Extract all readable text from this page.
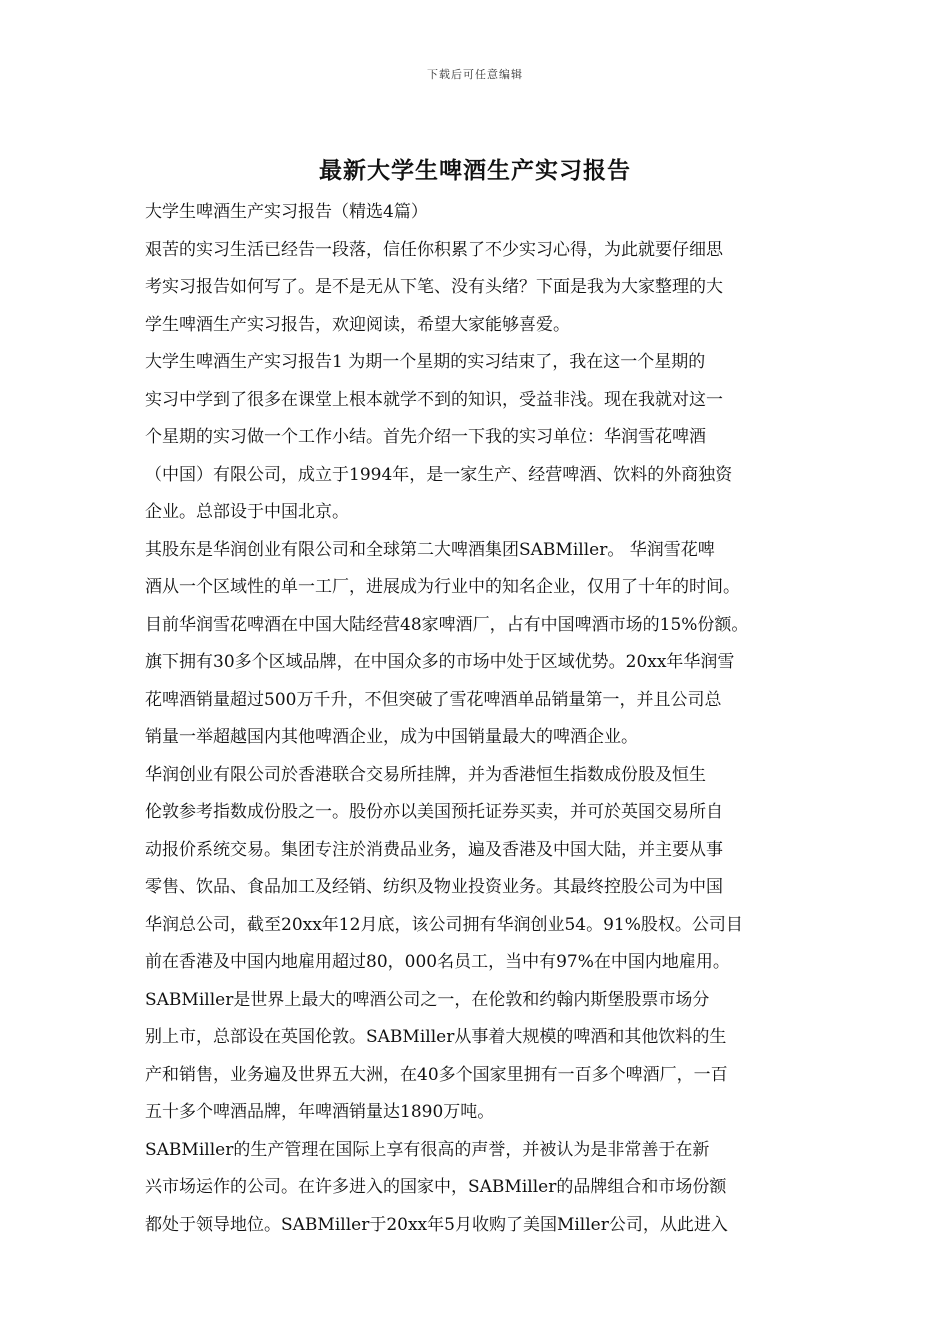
下载后可任意编辑
最新大学生啤酒生产实习报告
大学生啤酒生产实习报告（精选4篇）
艰苦的实习生活已经告一段落，信任你积累了不少实习心得，为此就要仔细思
考实习报告如何写了。是不是无从下笔、没有头绪？下面是我为大家整理的大
学生啤酒生产实习报告，欢迎阅读，希望大家能够喜爱。
大学生啤酒生产实习报告1 为期一个星期的实习结束了，我在这一个星期的
实习中学到了很多在课堂上根本就学不到的知识，受益非浅。现在我就对这一
个星期的实习做一个工作小结。首先介绍一下我的实习单位：华润雪花啤酒
（中国）有限公司，成立于1994年，是一家生产、经营啤酒、饮料的外商独资
企业。总部设于中国北京。
其股东是华润创业有限公司和全球第二大啤酒集团SABMiller。 华润雪花啤
酒从一个区域性的单一工厂，进展成为行业中的知名企业，仅用了十年的时间。
目前华润雪花啤酒在中国大陆经营48家啤酒厂，占有中国啤酒市场的15%份额。
旗下拥有30多个区域品牌，在中国众多的市场中处于区域优势。20xx年华润雪
花啤酒销量超过500万千升，不但突破了雪花啤酒单品销量第一，并且公司总
销量一举超越国内其他啤酒企业，成为中国销量最大的啤酒企业。
华润创业有限公司於香港联合交易所挂牌，并为香港恒生指数成份股及恒生
伦敦参考指数成份股之一。股份亦以美国预托证券买卖，并可於英国交易所自
动报价系统交易。集团专注於消费品业务，遍及香港及中国大陆，并主要从事
零售、饮品、食品加工及经销、纺织及物业投资业务。其最终控股公司为中国
华润总公司，截至20xx年12月底，该公司拥有华润创业54。91%股权。公司目
前在香港及中国内地雇用超过80，000名员工，当中有97%在中国内地雇用。
SABMiller是世界上最大的啤酒公司之一，在伦敦和约翰内斯堡股票市场分
别上市，总部设在英国伦敦。SABMiller从事着大规模的啤酒和其他饮料的生
产和销售，业务遍及世界五大洲，在40多个国家里拥有一百多个啤酒厂，一百
五十多个啤酒品牌，年啤酒销量达1890万吨。
SABMiller的生产管理在国际上享有很高的声誉，并被认为是非常善于在新
兴市场运作的公司。在许多进入的国家中，SABMiller的品牌组合和市场份额
都处于领导地位。SABMiller于20xx年5月收购了美国Miller公司，从此进入
